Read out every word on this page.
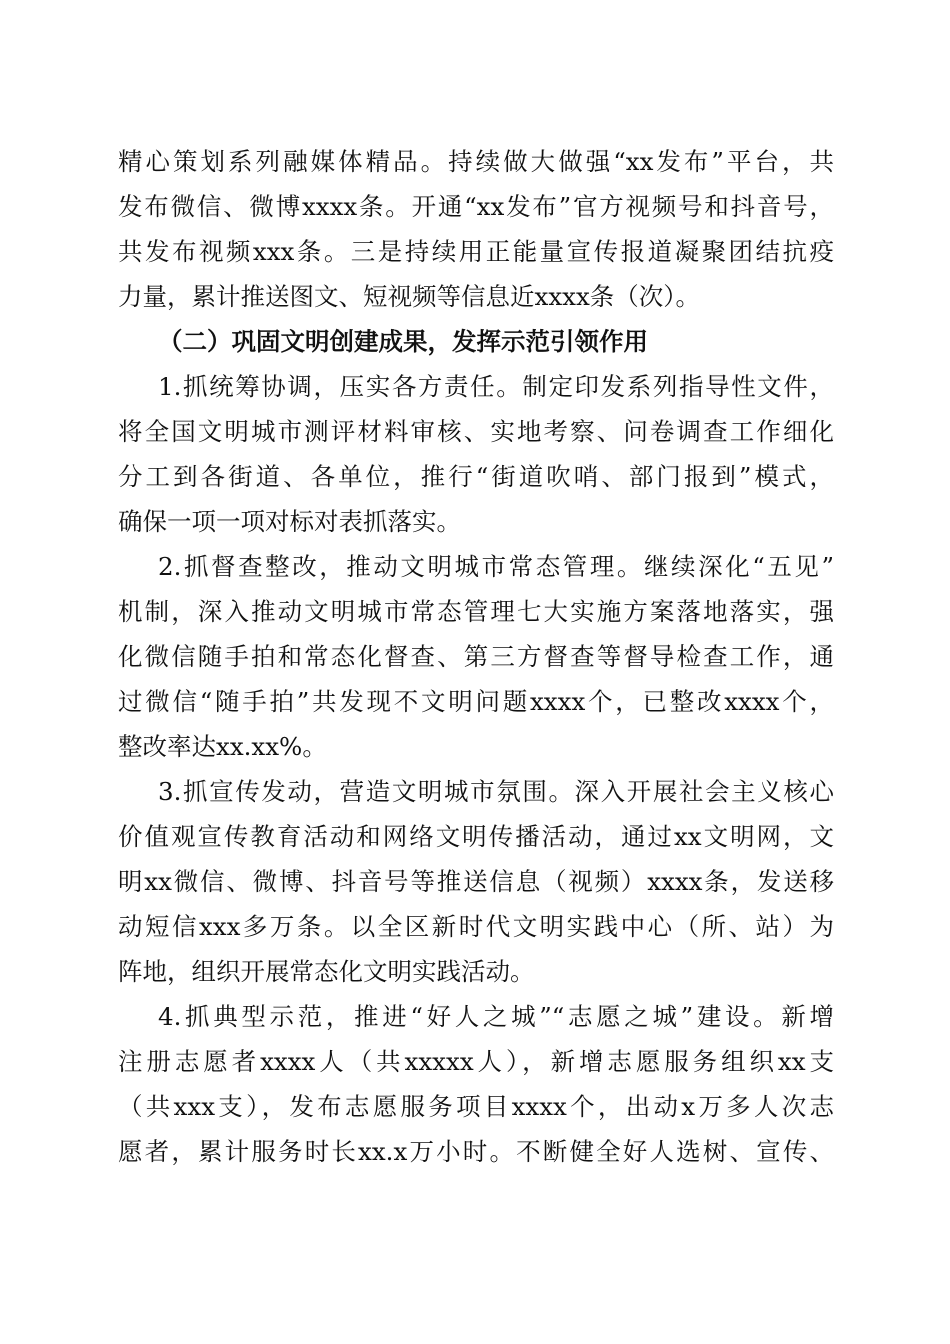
精心策划系列融媒体精品。持续做大做强“xx发布”平台，共
发布微信、微博xxxx条。开通“xx发布”官方视频号和抖音号，
共发布视频xxx条。三是持续用正能量宣传报道凝聚团结抗疫
力量，累计推送图文、短视频等信息近xxxx条（次）。
（二）巩固文明创建成果，发挥示范引领作用
1.抓统筹协调，压实各方责任。制定印发系列指导性文件，
将全国文明城市测评材料审核、实地考察、问卷调查工作细化
分工到各街道、各单位，推行“街道吹哨、部门报到”模式，
确保一项一项对标对表抓落实。
2.抓督查整改，推动文明城市常态管理。继续深化“五见”
机制，深入推动文明城市常态管理七大实施方案落地落实，强
化微信随手拍和常态化督查、第三方督查等督导检查工作，通
过微信“随手拍”共发现不文明问题xxxx个，已整改xxxx个，
整改率达xx.xx%。
3.抓宣传发动，营造文明城市氛围。深入开展社会主义核心
价值观宣传教育活动和网络文明传播活动，通过xx文明网，文
明xx微信、微博、抖音号等推送信息（视频）xxxx条，发送移
动短信xxx多万条。以全区新时代文明实践中心（所、站）为
阵地，组织开展常态化文明实践活动。
4.抓典型示范，推进“好人之城”“志愿之城”建设。新增
注册志愿者xxxx人（共xxxxx人），新增志愿服务组织xx支
（共xxx支），发布志愿服务项目xxxx个，出动x万多人次志
愿者，累计服务时长xx.x万小时。不断健全好人选树、宣传、
